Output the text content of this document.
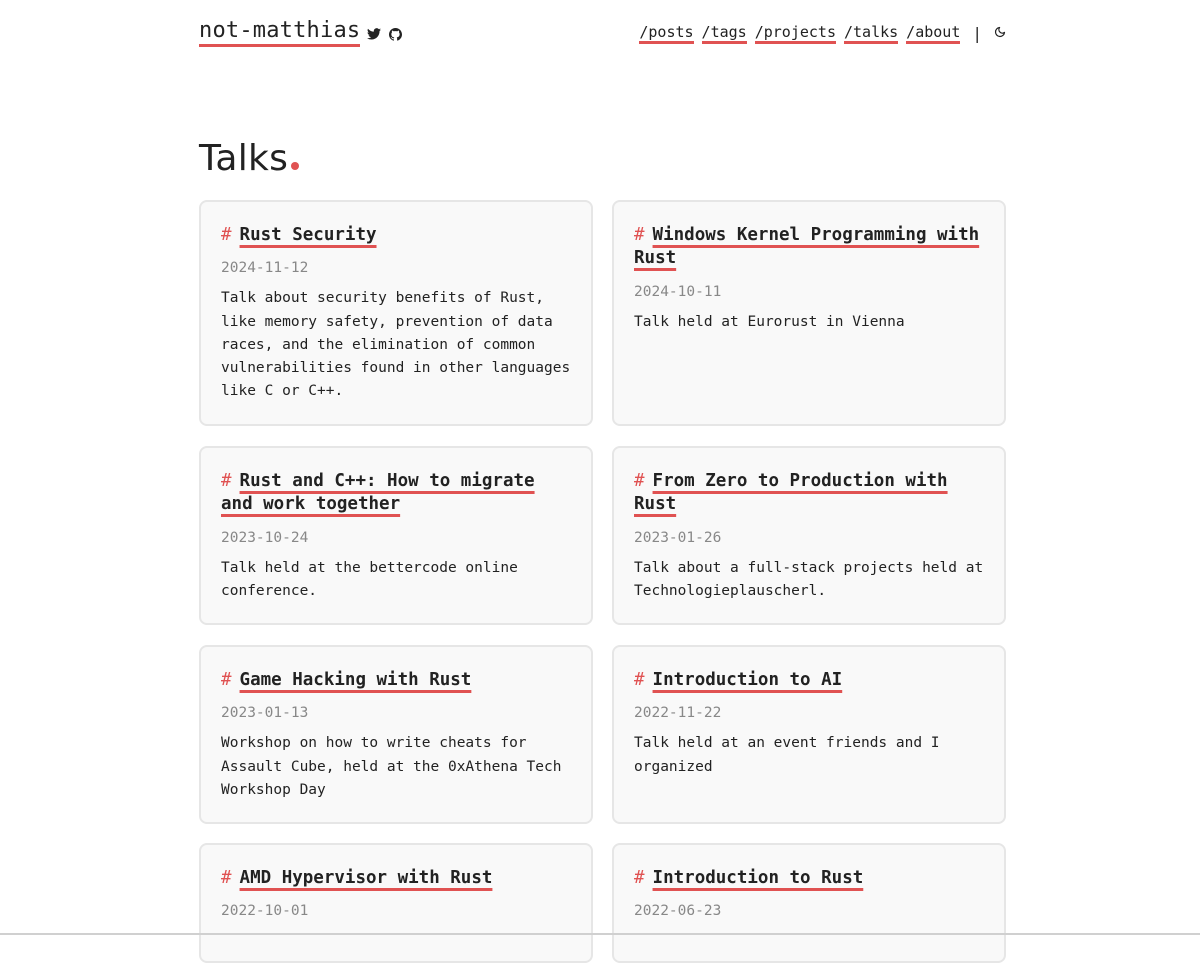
not-matthias	/posts /tags /projects /talks /about |
Talks
# Rust Security
2024-11-12
Talk about security benefits of Rust, like memory safety, prevention of data races, and the elimination of common vulnerabilities found in other languages like C or C++.
# Windows Kernel Programming with Rust
2024-10-11
Talk held at Eurorust in Vienna
# Rust and C++: How to migrate and work together
2023-10-24
Talk held at the bettercode online conference.
# From Zero to Production with Rust
2023-01-26
Talk about a full-stack projects held at Technologieplauscherl.
# Game Hacking with Rust
2023-01-13
Workshop on how to write cheats for Assault Cube, held at the 0xAthena Tech Workshop Day
# Introduction to AI
2022-11-22
Talk held at an event friends and I organized
# AMD Hypervisor with Rust
2022-10-01
# Introduction to Rust
2022-06-23
